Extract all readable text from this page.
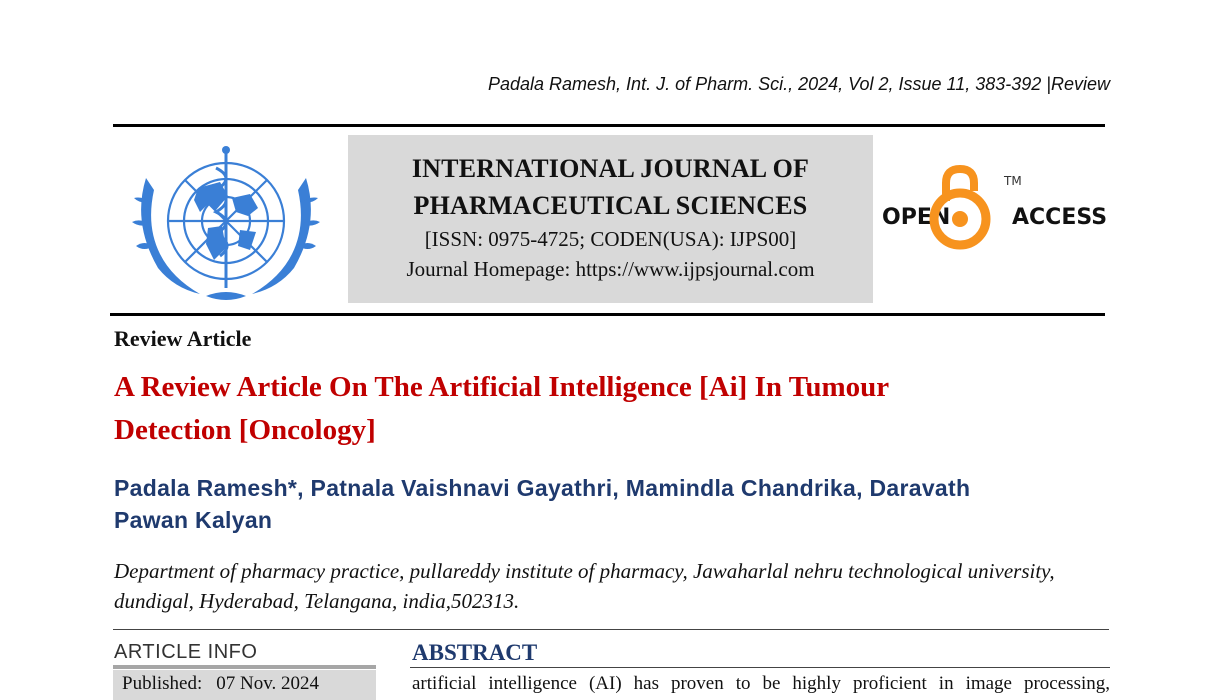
Padala Ramesh, Int. J. of Pharm. Sci., 2024, Vol 2, Issue 11, 383-392 |Review
INTERNATIONAL JOURNAL OF
PHARMACEUTICAL SCIENCES
[ISSN: 0975-4725; CODEN(USA): IJPS00]
Journal Homepage: https://www.ijpsjournal.com
OPEN
TM
ACCESS
Review Article
A Review Article On The Artificial Intelligence [Ai] In Tumour
Detection [Oncology]
Padala Ramesh*, Patnala Vaishnavi Gayathri, Mamindla Chandrika, Daravath
Pawan Kalyan
Department of pharmacy practice, pullareddy institute of pharmacy, Jawaharlal nehru technological university,
dundigal, Hyderabad, Telangana, india,502313.
ARTICLE INFO
Published: 07 Nov. 2024
ABSTRACT
artificial intelligence (AI) has proven to be highly proficient in image processing,
